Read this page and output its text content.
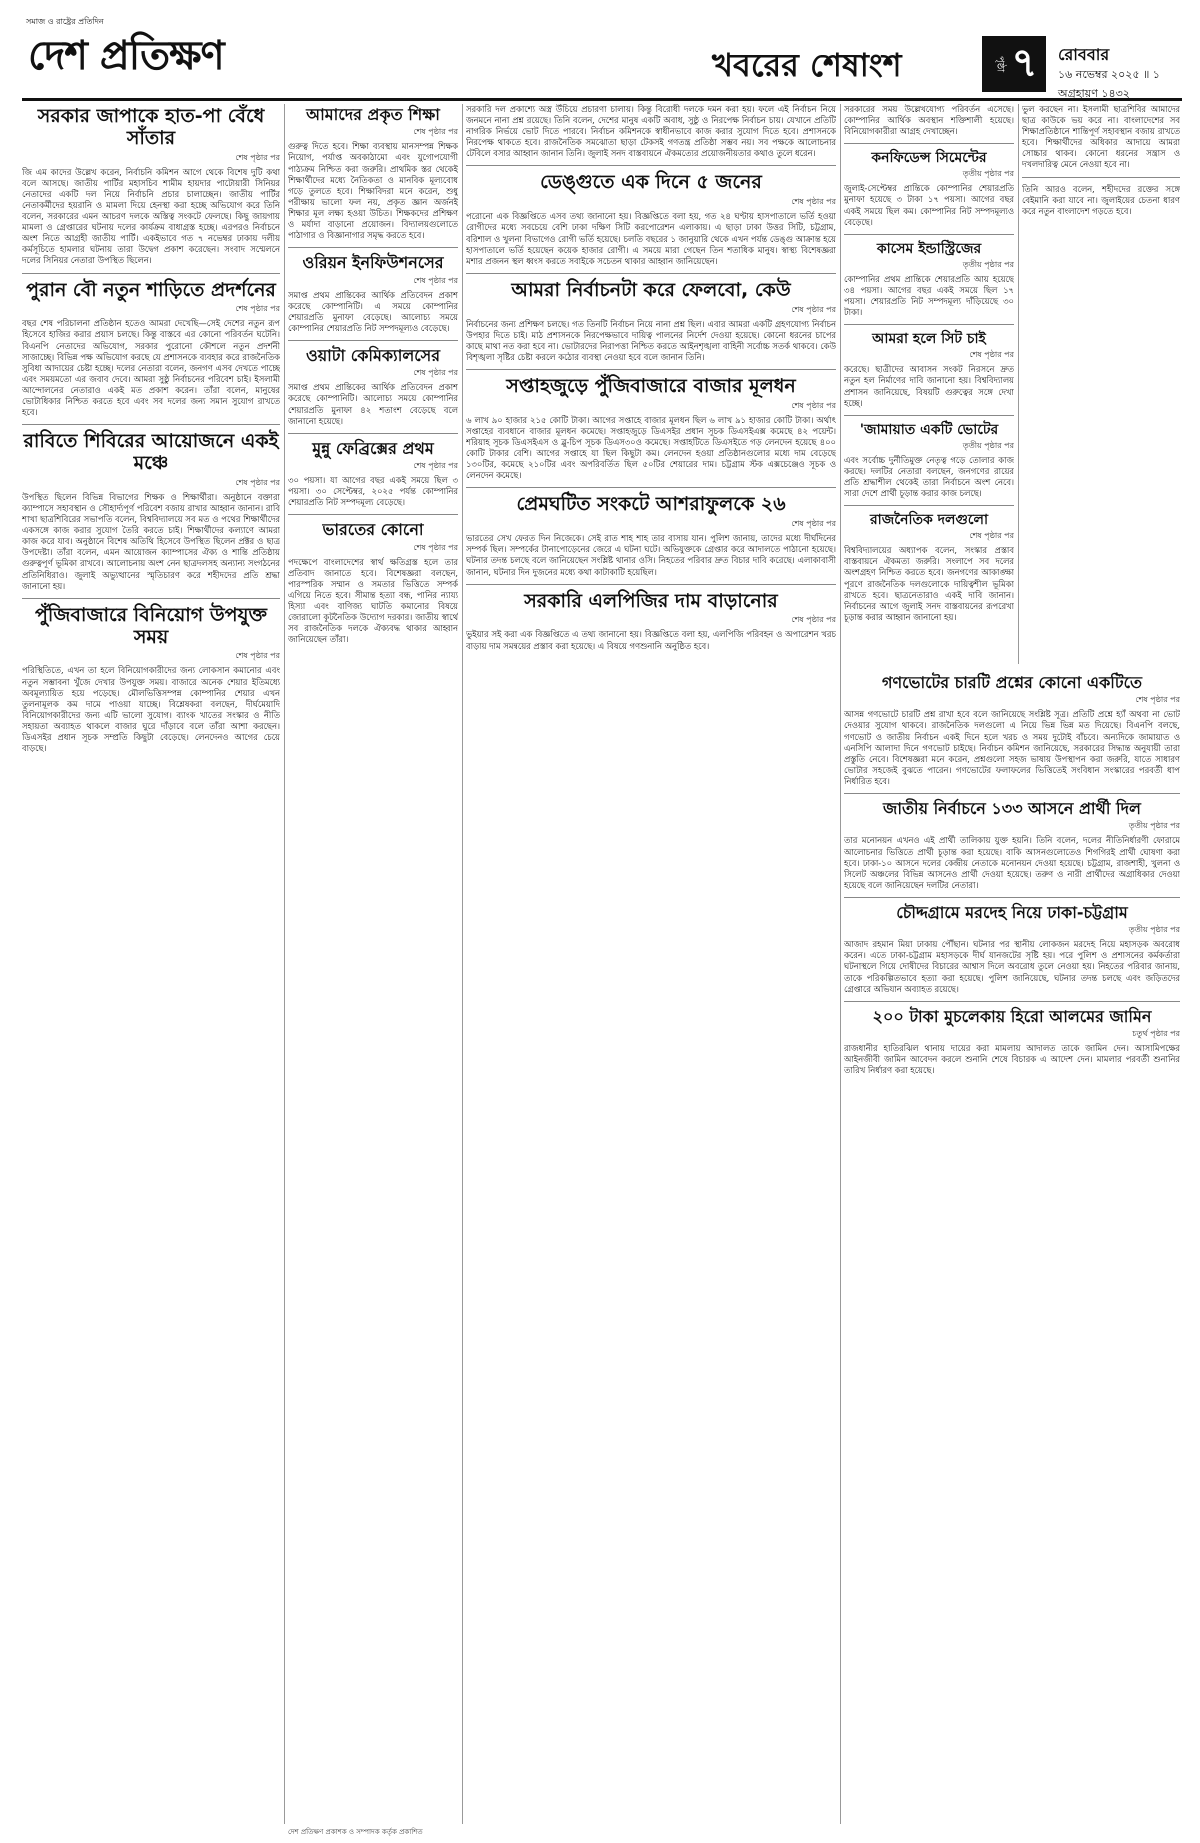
সমাজ ও রাষ্ট্রের প্রতিদিন
দেশ প্রতিক্ষণ	খবরের শেষাংশ	পৃষ্ঠা ৭ রোববার
১৬ নভেম্বর ২০২৫ ॥ ১ অগ্রহায়ণ ১৪৩২
সরকার জাপাকে হাত-পা বেঁধে সাঁতার
শেষ পৃষ্ঠার পর
জি এম কাদের উল্লেখ করেন, নির্বাচনি কমিশন আগে থেকে বিশেষ দুটি কথা বলে আসছে। জাতীয় পার্টির মহাসচিব শামীম হায়দার পাটোয়ারী সিনিয়র নেতাদের একটি দল নিয়ে নির্বাচনি প্রচার চালাচ্ছেন। জাতীয় পার্টির নেতাকর্মীদের হয়রানি ও মামলা দিয়ে হেনস্থা করা হচ্ছে অভিযোগ করে তিনি বলেন, সরকারের এমন আচরণ দলকে অস্তিত্ব সংকটে ফেলছে। কিছু জায়গায় মামলা ও গ্রেপ্তারের ঘটনায় দলের কার্যক্রম বাধাগ্রস্ত হচ্ছে। এরপরও নির্বাচনে অংশ নিতে আগ্রহী জাতীয় পার্টি। একইভাবে গত ৭ নভেম্বর ঢাকায় দলীয় কর্মসূচিতে হামলার ঘটনায় তারা উদ্বেগ প্রকাশ করেছেন। সংবাদ সম্মেলনে দলের সিনিয়র নেতারা উপস্থিত ছিলেন।
পুরান বৌ নতুন শাড়িতে প্রদর্শনের
শেষ পৃষ্ঠার পর
বছর শেষ পরিচালনা প্রতিষ্ঠান হতেও আমরা দেখেছি—সেই দেশের নতুন রূপ হিসেবে হাজির করার প্রয়াস চলছে। কিন্তু বাস্তবে এর কোনো পরিবর্তন ঘটেনি। বিএনপি নেতাদের অভিযোগ, সরকার পুরোনো কৌশলে নতুন প্রদর্শনী সাজাচ্ছে। বিভিন্ন পক্ষ অভিযোগ করছে যে প্রশাসনকে ব্যবহার করে রাজনৈতিক সুবিধা আদায়ের চেষ্টা হচ্ছে। দলের নেতারা বলেন, জনগণ এসব দেখতে পাচ্ছে এবং সময়মতো এর জবাব দেবে। আমরা সুষ্ঠু নির্বাচনের পরিবেশ চাই। ইসলামী আন্দোলনের নেতারাও একই মত প্রকাশ করেন। তাঁরা বলেন, মানুষের ভোটাধিকার নিশ্চিত করতে হবে এবং সব দলের জন্য সমান সুযোগ রাখতে হবে।
রাবিতে শিবিরের আয়োজনে একই মঞ্চে
শেষ পৃষ্ঠার পর
উপস্থিত ছিলেন বিভিন্ন বিভাগের শিক্ষক ও শিক্ষার্থীরা। অনুষ্ঠানে বক্তারা ক্যাম্পাসে সহাবস্থান ও সৌহার্দ্যপূর্ণ পরিবেশ বজায় রাখার আহ্বান জানান। রাবি শাখা ছাত্রশিবিরের সভাপতি বলেন, বিশ্ববিদ্যালয়ে সব মত ও পথের শিক্ষার্থীদের একসঙ্গে কাজ করার সুযোগ তৈরি করতে চাই। শিক্ষার্থীদের কল্যাণে আমরা কাজ করে যাব। অনুষ্ঠানে বিশেষ অতিথি হিসেবে উপস্থিত ছিলেন প্রক্টর ও ছাত্র উপদেষ্টা। তাঁরা বলেন, এমন আয়োজন ক্যাম্পাসের ঐক্য ও শান্তি প্রতিষ্ঠায় গুরুত্বপূর্ণ ভূমিকা রাখবে। আলোচনায় অংশ নেন ছাত্রদলসহ অন্যান্য সংগঠনের প্রতিনিধিরাও। জুলাই অভ্যুত্থানের স্মৃতিচারণ করে শহীদদের প্রতি শ্রদ্ধা জানানো হয়।
পুঁজিবাজারে বিনিয়োগ উপযুক্ত সময়
শেষ পৃষ্ঠার পর
পরিস্থিতিতে, এখন তা হলে বিনিয়োগকারীদের জন্য লোকসান কমানোর এবং নতুন সম্ভাবনা খুঁজে দেখার উপযুক্ত সময়। বাজারে অনেক শেয়ার ইতিমধ্যে অবমূল্যায়িত হয়ে পড়েছে। মৌলভিত্তিসম্পন্ন কোম্পানির শেয়ার এখন তুলনামূলক কম দামে পাওয়া যাচ্ছে। বিশ্লেষকরা বলছেন, দীর্ঘমেয়াদি বিনিয়োগকারীদের জন্য এটি ভালো সুযোগ। ব্যাংক খাতের সংস্কার ও নীতি সহায়তা অব্যাহত থাকলে বাজার ঘুরে দাঁড়াবে বলে তাঁরা আশা করছেন। ডিএসইর প্রধান সূচক সম্প্রতি কিছুটা বেড়েছে। লেনদেনও আগের চেয়ে বাড়ছে।
আমাদের প্রকৃত শিক্ষা
শেষ পৃষ্ঠার পর
গুরুত্ব দিতে হবে। শিক্ষা ব্যবস্থায় মানসম্পন্ন শিক্ষক নিয়োগ, পর্যাপ্ত অবকাঠামো এবং যুগোপযোগী পাঠ্যক্রম নিশ্চিত করা জরুরি। প্রাথমিক স্তর থেকেই শিক্ষার্থীদের মধ্যে নৈতিকতা ও মানবিক মূল্যবোধ গড়ে তুলতে হবে। শিক্ষাবিদরা মনে করেন, শুধু পরীক্ষায় ভালো ফল নয়, প্রকৃত জ্ঞান অর্জনই শিক্ষার মূল লক্ষ্য হওয়া উচিত। শিক্ষকদের প্রশিক্ষণ ও মর্যাদা বাড়ানো প্রয়োজন। বিদ্যালয়গুলোতে পাঠাগার ও বিজ্ঞানাগার সমৃদ্ধ করতে হবে।
ওরিয়ন ইনফিউশনসের
শেষ পৃষ্ঠার পর
সমাপ্ত প্রথম প্রান্তিকের আর্থিক প্রতিবেদন প্রকাশ করেছে কোম্পানিটি। এ সময়ে কোম্পানির শেয়ারপ্রতি মুনাফা বেড়েছে। আলোচ্য সময়ে কোম্পানির শেয়ারপ্রতি নিট সম্পদমূল্যও বেড়েছে।
ওয়াটা কেমিক্যালসের
শেষ পৃষ্ঠার পর
সমাপ্ত প্রথম প্রান্তিকের আর্থিক প্রতিবেদন প্রকাশ করেছে কোম্পানিটি। আলোচ্য সময়ে কোম্পানির শেয়ারপ্রতি মুনাফা ৪২ শতাংশ বেড়েছে বলে জানানো হয়েছে।
মুন্নু ফেব্রিক্সের প্রথম
শেষ পৃষ্ঠার পর
৩০ পয়সা। যা আগের বছর একই সময়ে ছিল ৩ পয়সা। ৩০ সেপ্টেম্বর, ২০২৫ পর্যন্ত কোম্পানির শেয়ারপ্রতি নিট সম্পদমূল্য বেড়েছে।
ভারতের কোনো
শেষ পৃষ্ঠার পর
পদক্ষেপে বাংলাদেশের স্বার্থ ক্ষতিগ্রস্ত হলে তার প্রতিবাদ জানাতে হবে। বিশেষজ্ঞরা বলছেন, পারস্পরিক সম্মান ও সমতার ভিত্তিতে সম্পর্ক এগিয়ে নিতে হবে। সীমান্ত হত্যা বন্ধ, পানির ন্যায্য হিস্যা এবং বাণিজ্য ঘাটতি কমানোর বিষয়ে জোরালো কূটনৈতিক উদ্যোগ দরকার। জাতীয় স্বার্থে সব রাজনৈতিক দলকে ঐক্যবদ্ধ থাকার আহ্বান জানিয়েছেন তাঁরা।
সরকারি দল প্রকাশ্যে অস্ত্র উঁচিয়ে প্রচারণা চালায়। কিন্তু বিরোধী দলকে দমন করা হয়। ফলে এই নির্বাচন নিয়ে জনমনে নানা প্রশ্ন রয়েছে। তিনি বলেন, দেশের মানুষ একটি অবাধ, সুষ্ঠু ও নিরপেক্ষ নির্বাচন চায়। যেখানে প্রতিটি নাগরিক নির্ভয়ে ভোট দিতে পারবে। নির্বাচন কমিশনকে স্বাধীনভাবে কাজ করার সুযোগ দিতে হবে। প্রশাসনকে নিরপেক্ষ থাকতে হবে। রাজনৈতিক সমঝোতা ছাড়া টেকসই গণতন্ত্র প্রতিষ্ঠা সম্ভব নয়। সব পক্ষকে আলোচনার টেবিলে বসার আহ্বান জানান তিনি। জুলাই সনদ বাস্তবায়নে ঐকমত্যের প্রয়োজনীয়তার কথাও তুলে ধরেন।
ডেঙ্গুতে এক দিনে ৫ জনের
শেষ পৃষ্ঠার পর
পরোনো এক বিজ্ঞপ্তিতে এসব তথ্য জানানো হয়। বিজ্ঞপ্তিতে বলা হয়, গত ২৪ ঘণ্টায় হাসপাতালে ভর্তি হওয়া রোগীদের মধ্যে সবচেয়ে বেশি ঢাকা দক্ষিণ সিটি করপোরেশন এলাকায়। এ ছাড়া ঢাকা উত্তর সিটি, চট্টগ্রাম, বরিশাল ও খুলনা বিভাগেও রোগী ভর্তি হয়েছে। চলতি বছরের ১ জানুয়ারি থেকে এখন পর্যন্ত ডেঙ্গু আক্রান্ত হয়ে হাসপাতালে ভর্তি হয়েছেন কয়েক হাজার রোগী। এ সময়ে মারা গেছেন তিন শতাধিক মানুষ। স্বাস্থ্য বিশেষজ্ঞরা মশার প্রজনন স্থল ধ্বংস করতে সবাইকে সচেতন থাকার আহ্বান জানিয়েছেন।
আমরা নির্বাচনটা করে ফেলবো, কেউ
শেষ পৃষ্ঠার পর
নির্বাচনের জন্য প্রশিক্ষণ চলছে। গত তিনটি নির্বাচন নিয়ে নানা প্রশ্ন ছিল। এবার আমরা একটি গ্রহণযোগ্য নির্বাচন উপহার দিতে চাই। মাঠ প্রশাসনকে নিরপেক্ষভাবে দায়িত্ব পালনের নির্দেশ দেওয়া হয়েছে। কোনো ধরনের চাপের কাছে মাথা নত করা হবে না। ভোটারদের নিরাপত্তা নিশ্চিত করতে আইনশৃঙ্খলা বাহিনী সর্বোচ্চ সতর্ক থাকবে। কেউ বিশৃঙ্খলা সৃষ্টির চেষ্টা করলে কঠোর ব্যবস্থা নেওয়া হবে বলে জানান তিনি।
সপ্তাহজুড়ে পুঁজিবাজারে বাজার মূলধন
শেষ পৃষ্ঠার পর
৬ লাখ ৯০ হাজার ২১৫ কোটি টাকা। আগের সপ্তাহে বাজার মূলধন ছিল ৬ লাখ ৯১ হাজার কোটি টাকা। অর্থাৎ সপ্তাহের ব্যবধানে বাজার মূলধন কমেছে। সপ্তাহজুড়ে ডিএসইর প্রধান সূচক ডিএসইএক্স কমেছে ৪২ পয়েন্ট। শরিয়াহ সূচক ডিএসইএস ও ব্লু-চিপ সূচক ডিএস৩০ও কমেছে। সপ্তাহটিতে ডিএসইতে গড় লেনদেন হয়েছে ৪০০ কোটি টাকার বেশি। আগের সপ্তাহে যা ছিল কিছুটা কম। লেনদেন হওয়া প্রতিষ্ঠানগুলোর মধ্যে দাম বেড়েছে ১৩০টির, কমেছে ২১০টির এবং অপরিবর্তিত ছিল ৫০টির শেয়ারের দাম। চট্টগ্রাম স্টক এক্সচেঞ্জেও সূচক ও লেনদেন কমেছে।
প্রেমঘটিত সংকটে আশরাফুলকে ২৬
শেষ পৃষ্ঠার পর
ভারতের সেখ ফেরত দিন নিজেকে। সেই রাত শাহ শাহ তার বাসায় যান। পুলিশ জানায়, তাদের মধ্যে দীর্ঘদিনের সম্পর্ক ছিল। সম্পর্কের টানাপোড়েনের জেরে এ ঘটনা ঘটে। অভিযুক্তকে গ্রেপ্তার করে আদালতে পাঠানো হয়েছে। ঘটনার তদন্ত চলছে বলে জানিয়েছেন সংশ্লিষ্ট থানার ওসি। নিহতের পরিবার দ্রুত বিচার দাবি করেছে। এলাকাবাসী জানান, ঘটনার দিন দুজনের মধ্যে কথা কাটাকাটি হয়েছিল।
সরকারি এলপিজির দাম বাড়ানোর
শেষ পৃষ্ঠার পর
ভুইয়ার সই করা এক বিজ্ঞপ্তিতে এ তথ্য জানানো হয়। বিজ্ঞপ্তিতে বলা হয়, এলপিজি পরিবহন ও অপারেশন খরচ বাড়ায় দাম সমন্বয়ের প্রস্তাব করা হয়েছে। এ বিষয়ে গণশুনানি অনুষ্ঠিত হবে।
সরকারের সময় উল্লেখযোগ্য পরিবর্তন এসেছে। কোম্পানির আর্থিক অবস্থান শক্তিশালী হয়েছে। বিনিয়োগকারীরা আগ্রহ দেখাচ্ছেন।
কনফিডেন্স সিমেন্টের
তৃতীয় পৃষ্ঠার পর
জুলাই-সেপ্টেম্বর প্রান্তিকে কোম্পানির শেয়ারপ্রতি মুনাফা হয়েছে ৩ টাকা ১৭ পয়সা। আগের বছর একই সময়ে ছিল কম। কোম্পানির নিট সম্পদমূল্যও বেড়েছে।
কাসেম ইন্ডাস্ট্রিজের
তৃতীয় পৃষ্ঠার পর
কোম্পানির প্রথম প্রান্তিকে শেয়ারপ্রতি আয় হয়েছে ৩৪ পয়সা। আগের বছর একই সময়ে ছিল ১৭ পয়সা। শেয়ারপ্রতি নিট সম্পদমূল্য দাঁড়িয়েছে ৩০ টাকা।
আমরা হলে সিট চাই
শেষ পৃষ্ঠার পর
করেছে। ছাত্রীদের আবাসন সংকট নিরসনে দ্রুত নতুন হল নির্মাণের দাবি জানানো হয়। বিশ্ববিদ্যালয় প্রশাসন জানিয়েছে, বিষয়টি গুরুত্বের সঙ্গে দেখা হচ্ছে।
'জামায়াত একটি ভোটের
তৃতীয় পৃষ্ঠার পর
এবং সর্বোচ্চ দুর্নীতিমুক্ত নেতৃত্ব গড়ে তোলার কাজ করছে। দলটির নেতারা বলছেন, জনগণের রায়ের প্রতি শ্রদ্ধাশীল থেকেই তারা নির্বাচনে অংশ নেবে। সারা দেশে প্রার্থী চূড়ান্ত করার কাজ চলছে।
রাজনৈতিক দলগুলো
শেষ পৃষ্ঠার পর
বিশ্ববিদ্যালয়ের অধ্যাপক বলেন, সংস্কার প্রস্তাব বাস্তবায়নে ঐকমত্য জরুরি। সংলাপে সব দলের অংশগ্রহণ নিশ্চিত করতে হবে। জনগণের আকাঙ্ক্ষা পূরণে রাজনৈতিক দলগুলোকে দায়িত্বশীল ভূমিকা রাখতে হবে। ছাত্রনেতারাও একই দাবি জানান। নির্বাচনের আগে জুলাই সনদ বাস্তবায়নের রূপরেখা চূড়ান্ত করার আহ্বান জানানো হয়।
ভুল করছেন না। ইসলামী ছাত্রশিবির আমাদের ছাত্র কাউকে ভয় করে না। বাংলাদেশের সব শিক্ষাপ্রতিষ্ঠানে শান্তিপূর্ণ সহাবস্থান বজায় রাখতে হবে। শিক্ষার্থীদের অধিকার আদায়ে আমরা সোচ্চার থাকব। কোনো ধরনের সন্ত্রাস ও দখলদারিত্ব মেনে নেওয়া হবে না।
তিনি আরও বলেন, শহীদদের রক্তের সঙ্গে বেইমানি করা যাবে না। জুলাইয়ের চেতনা ধারণ করে নতুন বাংলাদেশ গড়তে হবে।
গণভোটের চারটি প্রশ্নের কোনো একটিতে
শেষ পৃষ্ঠার পর
আসন্ন গণভোটে চারটি প্রশ্ন রাখা হবে বলে জানিয়েছে সংশ্লিষ্ট সূত্র। প্রতিটি প্রশ্নে হ্যাঁ অথবা না ভোট দেওয়ার সুযোগ থাকবে। রাজনৈতিক দলগুলো এ নিয়ে ভিন্ন ভিন্ন মত দিয়েছে। বিএনপি বলছে, গণভোট ও জাতীয় নির্বাচন একই দিনে হলে খরচ ও সময় দুটোই বাঁচবে। অন্যদিকে জামায়াত ও এনসিপি আলাদা দিনে গণভোট চাইছে। নির্বাচন কমিশন জানিয়েছে, সরকারের সিদ্ধান্ত অনুযায়ী তারা প্রস্তুতি নেবে। বিশেষজ্ঞরা মনে করেন, প্রশ্নগুলো সহজ ভাষায় উপস্থাপন করা জরুরি, যাতে সাধারণ ভোটার সহজেই বুঝতে পারেন। গণভোটের ফলাফলের ভিত্তিতেই সংবিধান সংস্কারের পরবর্তী ধাপ নির্ধারিত হবে।
জাতীয় নির্বাচনে ১৩৩ আসনে প্রার্থী দিল
তৃতীয় পৃষ্ঠার পর
তার মনোনয়ন এখনও এই প্রার্থী তালিকায় যুক্ত হয়নি। তিনি বলেন, দলের নীতিনির্ধারণী ফোরামে আলোচনার ভিত্তিতে প্রার্থী চূড়ান্ত করা হয়েছে। বাকি আসনগুলোতেও শিগগিরই প্রার্থী ঘোষণা করা হবে। ঢাকা-১০ আসনে দলের কেন্দ্রীয় নেতাকে মনোনয়ন দেওয়া হয়েছে। চট্টগ্রাম, রাজশাহী, খুলনা ও সিলেট অঞ্চলের বিভিন্ন আসনেও প্রার্থী দেওয়া হয়েছে। তরুণ ও নারী প্রার্থীদের অগ্রাধিকার দেওয়া হয়েছে বলে জানিয়েছেন দলটির নেতারা।
চৌদ্দগ্রামে মরদেহ নিয়ে ঢাকা-চট্টগ্রাম
তৃতীয় পৃষ্ঠার পর
আজাদ রহমান মিয়া ঢাকায় পৌঁছান। ঘটনার পর স্থানীয় লোকজন মরদেহ নিয়ে মহাসড়ক অবরোধ করেন। এতে ঢাকা-চট্টগ্রাম মহাসড়কে দীর্ঘ যানজটের সৃষ্টি হয়। পরে পুলিশ ও প্রশাসনের কর্মকর্তারা ঘটনাস্থলে গিয়ে দোষীদের বিচারের আশ্বাস দিলে অবরোধ তুলে নেওয়া হয়। নিহতের পরিবার জানায়, তাকে পরিকল্পিতভাবে হত্যা করা হয়েছে। পুলিশ জানিয়েছে, ঘটনার তদন্ত চলছে এবং জড়িতদের গ্রেপ্তারে অভিযান অব্যাহত রয়েছে।
২০০ টাকা মুচলেকায় হিরো আলমের জামিন
চতুর্থ পৃষ্ঠার পর
রাজধানীর হাতিরঝিল থানায় দায়ের করা মামলায় আদালত তাকে জামিন দেন। আসামিপক্ষের আইনজীবী জামিন আবেদন করলে শুনানি শেষে বিচারক এ আদেশ দেন। মামলার পরবর্তী শুনানির তারিখ নির্ধারণ করা হয়েছে।
দেশ প্রতিক্ষণ প্রকাশক ও সম্পাদক কর্তৃক প্রকাশিত
